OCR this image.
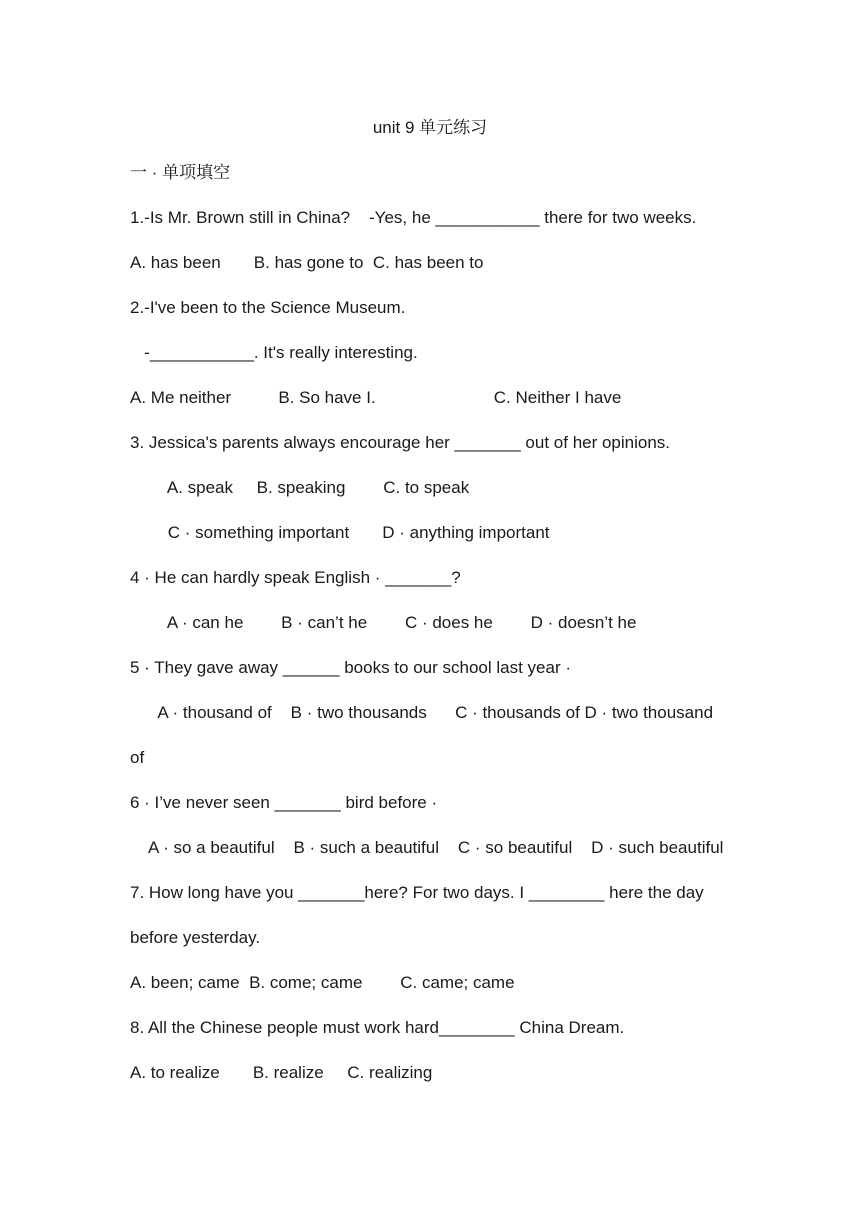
unit 9 单元练习
一 · 单项填空
1.-Is Mr. Brown still in China?    -Yes, he ___________ there for two weeks.
A. has been       B. has gone to  C. has been to
2.-I've been to the Science Museum.
-___________. It's really interesting.
A. Me neither          B. So have I.                         C. Neither I have
3. Jessica's parents always encourage her _______ out of her opinions.
A. speak     B. speaking        C. to speak
C · something important       D · anything important
4 · He can hardly speak English · _______?
A · can he        B · can’t he        C · does he        D · doesn’t he
5 · They gave away ______ books to our school last year ·
A · thousand of    B · two thousands      C · thousands of D · two thousand
of
6 · I’ve never seen _______ bird before ·
A · so a beautiful    B · such a beautiful    C · so beautiful    D · such beautiful
7. How long have you _______here? For two days. I ________ here the day
before yesterday.
A. been; came  B. come; came        C. came; came
8. All the Chinese people must work hard________ China Dream.
A. to realize       B. realize     C. realizing
